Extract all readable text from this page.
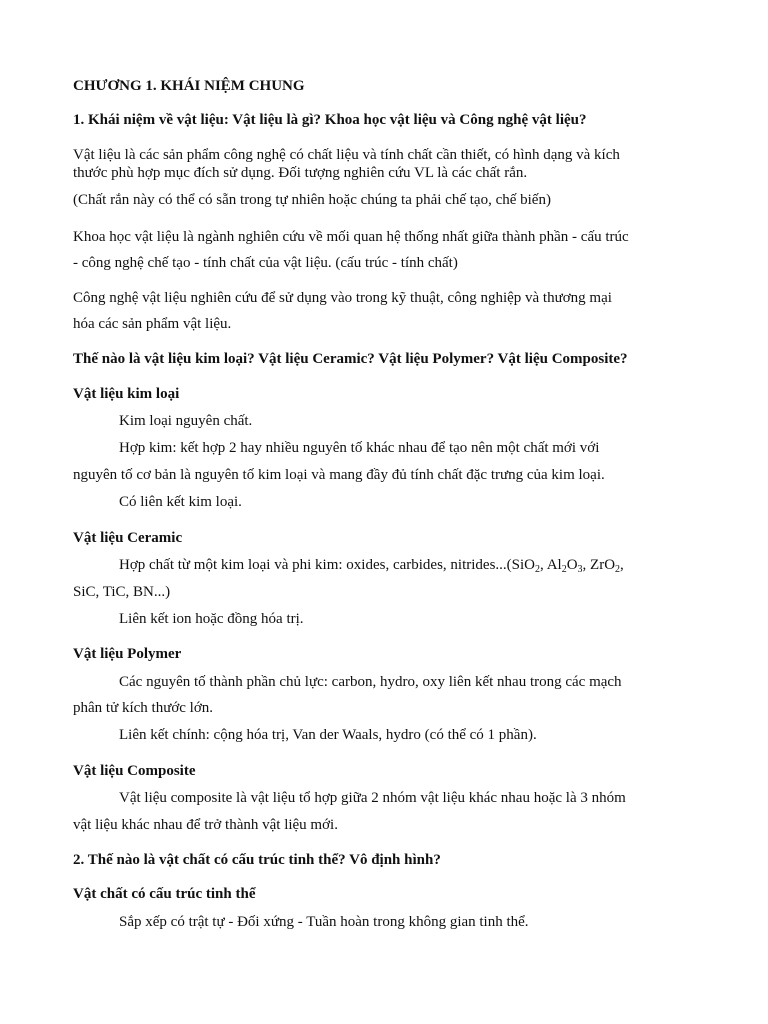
CHƯƠNG 1. KHÁI NIỆM CHUNG
1. Khái niệm về vật liệu: Vật liệu là gì? Khoa học vật liệu và Công nghệ vật liệu?
Vật liệu là các sản phẩm công nghệ có chất liệu và tính chất cần thiết, có hình dạng và kích
thước phù hợp mục đích sử dụng. Đối tượng nghiên cứu VL là các chất rắn.
(Chất rắn này có thể có sẵn trong tự nhiên hoặc chúng ta phải chế tạo, chế biến)
Khoa học vật liệu là ngành nghiên cứu về mối quan hệ thống nhất giữa thành phần - cấu trúc
- công nghệ chế tạo - tính chất của vật liệu. (cấu trúc - tính chất)
Công nghệ vật liệu nghiên cứu để sử dụng vào trong kỹ thuật, công nghiệp và thương mại
hóa các sản phẩm vật liệu.
Thế nào là vật liệu kim loại? Vật liệu Ceramic? Vật liệu Polymer? Vật liệu Composite?
Vật liệu kim loại
Kim loại nguyên chất.
Hợp kim: kết hợp 2 hay nhiều nguyên tố khác nhau để tạo nên một chất mới với
nguyên tố cơ bản là nguyên tố kim loại và mang đầy đủ tính chất đặc trưng của kim loại.
Có liên kết kim loại.
Vật liệu Ceramic
Hợp chất từ một kim loại và phi kim: oxides, carbides, nitrides...(SiO$_2$, $Al_2O_3$, ZrO$_2$,
SiC, TiC, BN...)
Liên kết ion hoặc đồng hóa trị.
Vật liệu Polymer
Các nguyên tố thành phần chủ lực: carbon, hydro, oxy liên kết nhau trong các mạch
phân tử kích thước lớn.
Liên kết chính: cộng hóa trị, Van der Waals, hydro (có thể có 1 phần).
Vật liệu Composite
Vật liệu composite là vật liệu tổ hợp giữa 2 nhóm vật liệu khác nhau hoặc là 3 nhóm
vật liệu khác nhau để trở thành vật liệu mới.
2. Thế nào là vật chất có cấu trúc tinh thể? Vô định hình?
Vật chất có cấu trúc tinh thể
Sắp xếp có trật tự - Đối xứng - Tuần hoàn trong không gian tinh thể.
